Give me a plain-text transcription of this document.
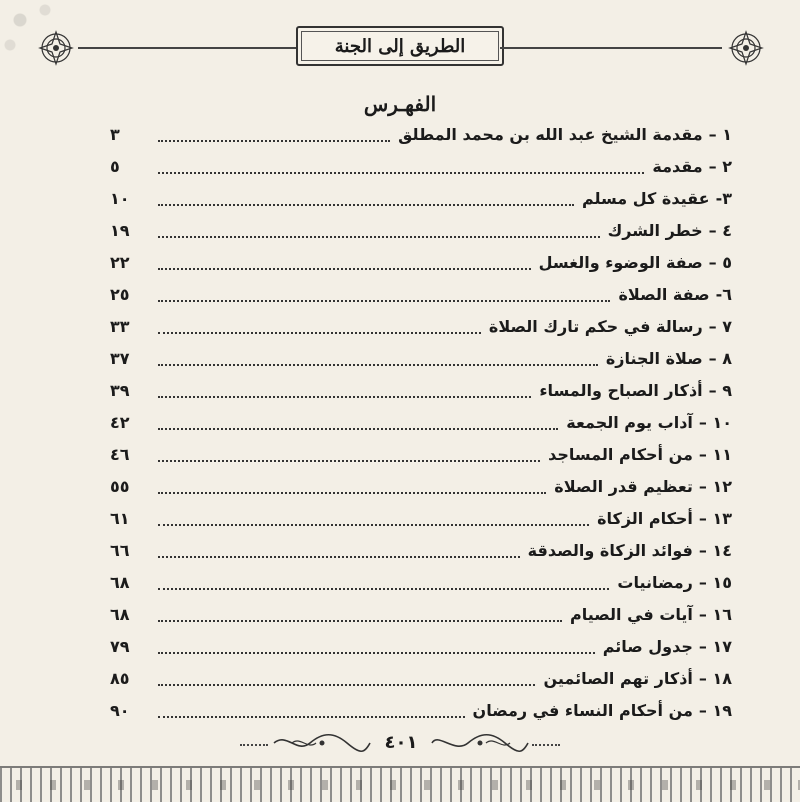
الطريق إلى الجنة
الفهـرس
١ –
مقدمة الشيخ عبد الله بن محمد المطلق
٣
٢ –
مقدمة
٥
٣-
عقيدة كل مسلم
١٠
٤ –
خطر الشرك
١٩
٥ –
صفة الوضوء والغسل
٢٢
٦-
صفة الصلاة
٢٥
٧ –
رسالة في حكم تارك الصلاة
٣٣
٨ –
صلاة الجنازة
٣٧
٩ –
أذكار الصباح والمساء
٣٩
١٠ –
آداب يوم الجمعة
٤٢
١١ –
من أحكام المساجد
٤٦
١٢ –
تعظيم قدر الصلاة
٥٥
١٣ –
أحكام الزكاة
٦١
١٤ –
فوائد الزكاة والصدقة
٦٦
١٥ –
رمضانيات
٦٨
١٦ –
آيات في الصيام
٦٨
١٧ –
جدول صائم
٧٩
١٨ –
أذكار تهم الصائمين
٨٥
١٩ –
من أحكام النساء في رمضان
٩٠
٤٠١
